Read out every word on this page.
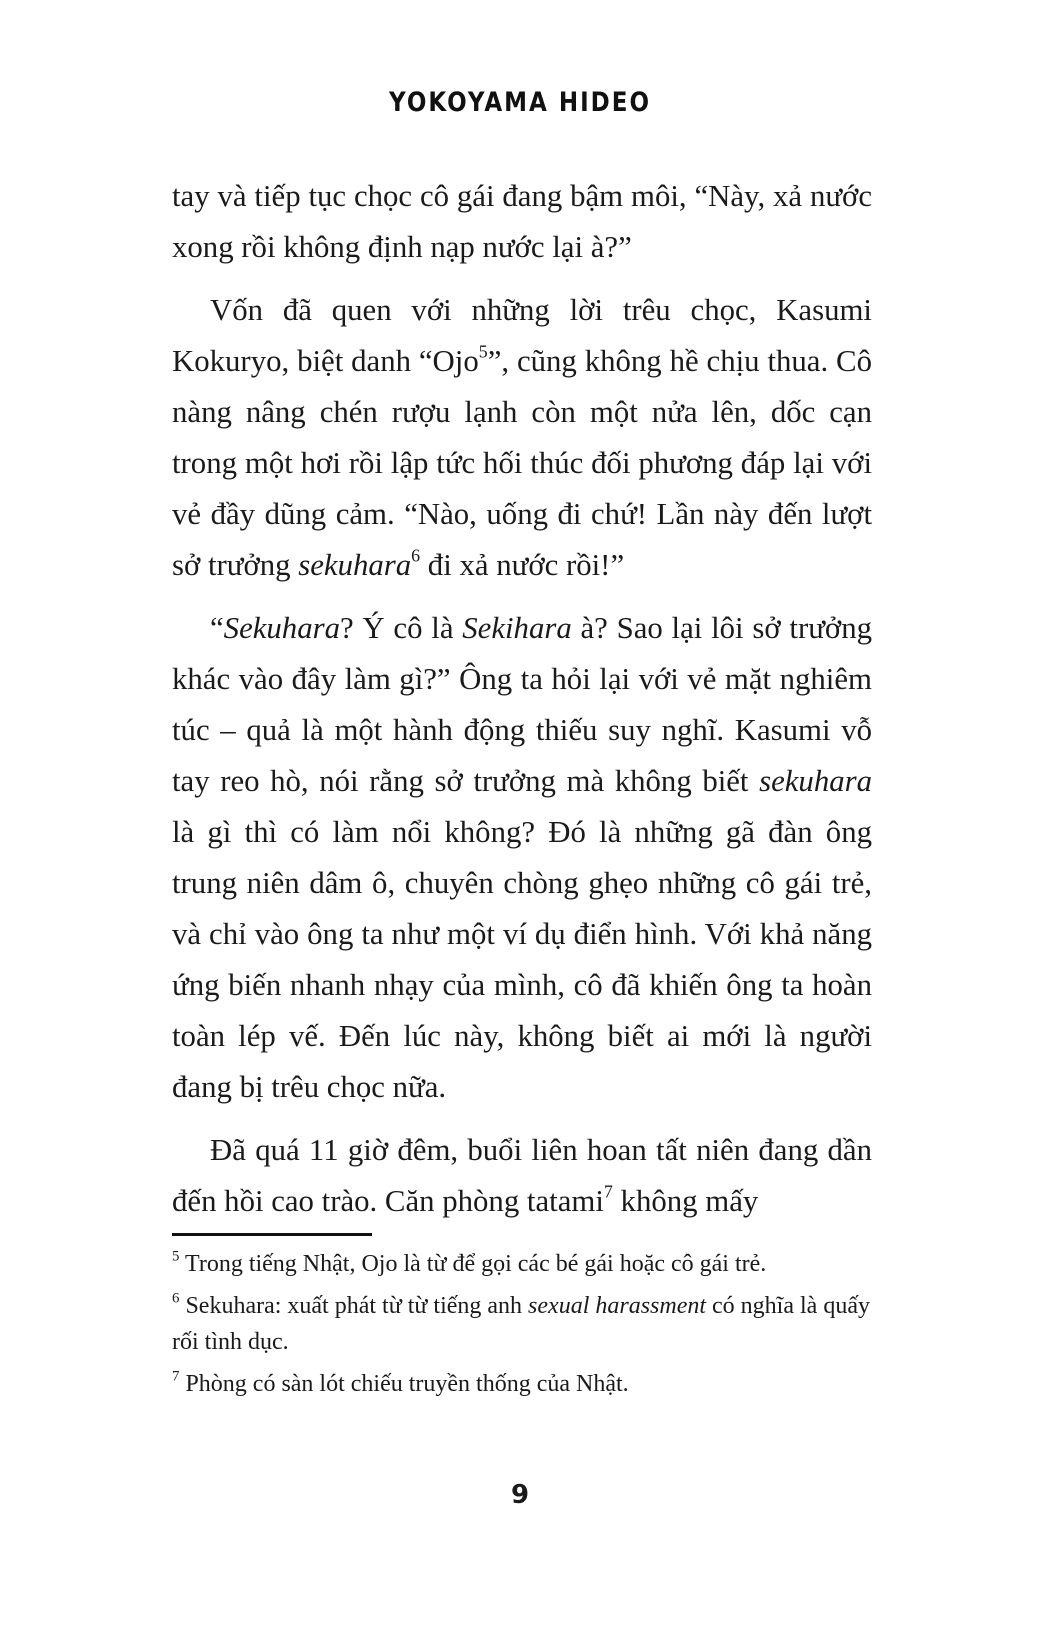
YOKOYAMA HIDEO

tay và tiếp tục chọc cô gái đang bậm môi, “Này, xả nước xong rồi không định nạp nước lại à?”

Vốn đã quen với những lời trêu chọc, Kasumi Kokuryo, biệt danh “Ojo$^5$”, cũng không hề chịu thua. Cô nàng nâng chén rượu lạnh còn một nửa lên, dốc cạn trong một hơi rồi lập tức hối thúc đối phương đáp lại với vẻ đầy dũng cảm. “Nào, uống đi chứ! Lần này đến lượt sở trưởng sekuhara$^6$ đi xả nước rồi!”

“Sekuhara? Ý cô là Sekihara à? Sao lại lôi sở trưởng khác vào đây làm gì?” Ông ta hỏi lại với vẻ mặt nghiêm túc – quả là một hành động thiếu suy nghĩ. Kasumi vỗ tay reo hò, nói rằng sở trưởng mà không biết sekuhara là gì thì có làm nổi không? Đó là những gã đàn ông trung niên dâm ô, chuyên chòng ghẹo những cô gái trẻ, và chỉ vào ông ta như một ví dụ điển hình. Với khả năng ứng biến nhanh nhạy của mình, cô đã khiến ông ta hoàn toàn lép vế. Đến lúc này, không biết ai mới là người đang bị trêu chọc nữa.

Đã quá 11 giờ đêm, buổi liên hoan tất niên đang dần đến hồi cao trào. Căn phòng tatami$^7$ không mấy

$^5$ Trong tiếng Nhật, Ojo là từ để gọi các bé gái hoặc cô gái trẻ.

$^6$ Sekuhara: xuất phát từ từ tiếng anh sexual harassment có nghĩa là quấy rối tình dục.

$^7$ Phòng có sàn lót chiếu truyền thống của Nhật.

9
